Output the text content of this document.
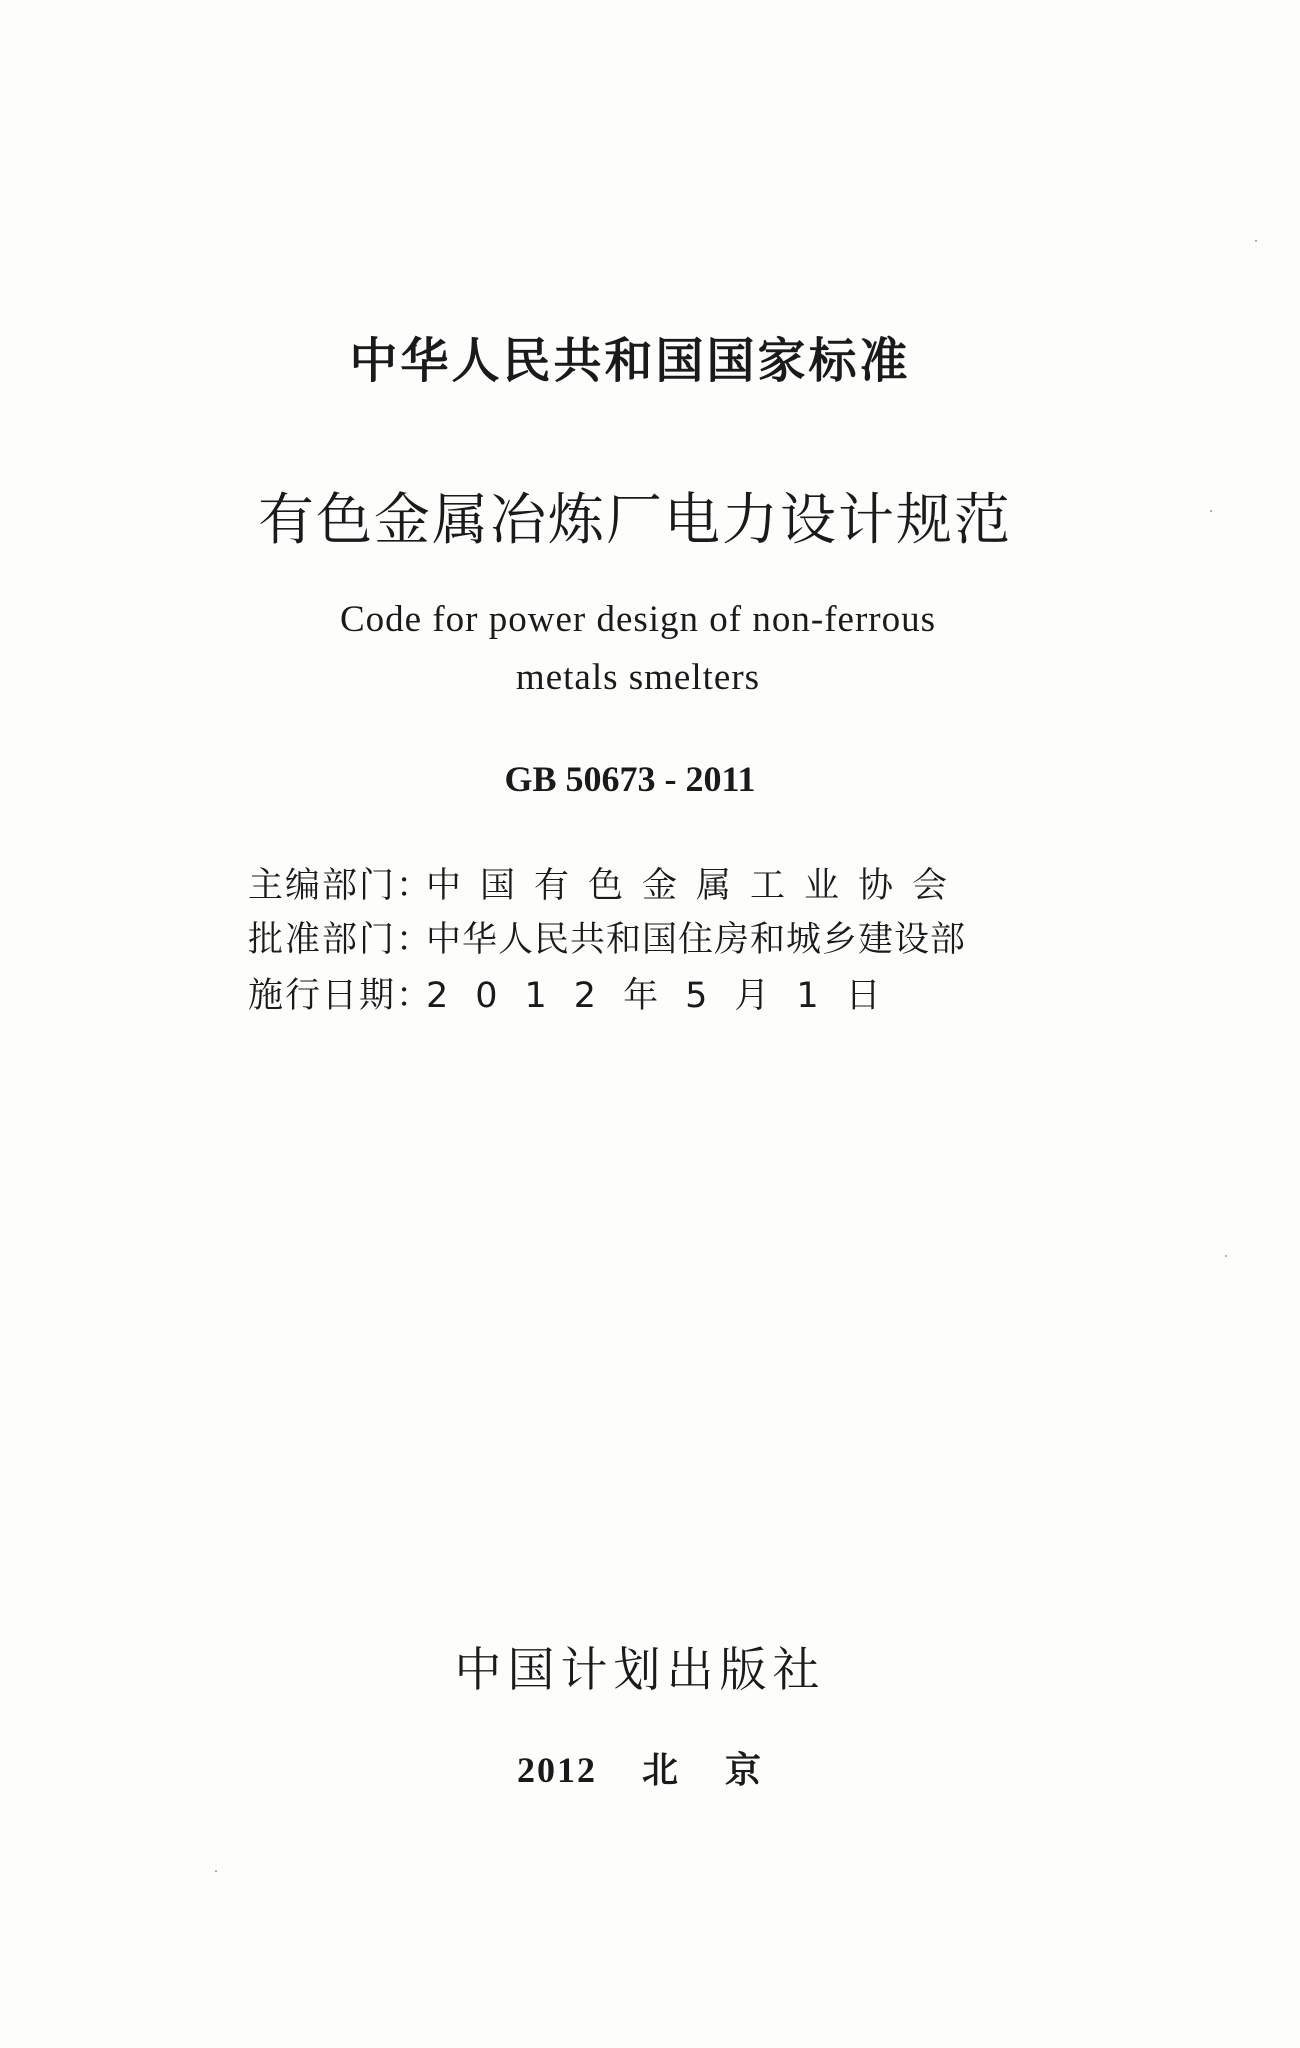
中华人民共和国国家标准
有色金属冶炼厂电力设计规范
Code for power design of non-ferrous
metals smelters
GB 50673 - 2011
主编部门：
中国有色金属工业协会
批准部门：
中华人民共和国住房和城乡建设部
施行日期：
2012年5月1日
中国计划出版社
2012 北 京
